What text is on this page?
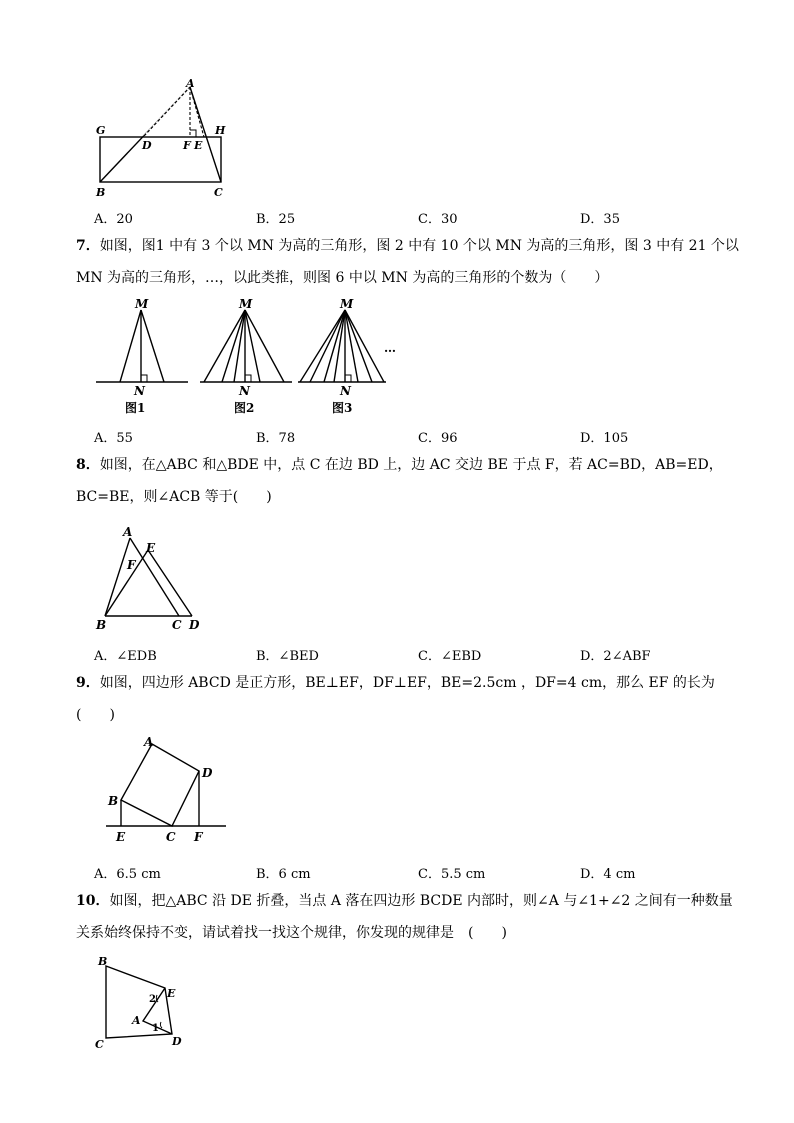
A
G	H
D	F E
B	C
A．20	B．25	C．30	D．35
7．如图，图1 中有 3 个以 MN 为高的三角形，图 2 中有 10 个以 MN 为高的三角形，图 3 中有 21 个以
MN 为高的三角形，…，以此类推，则图 6 中以 MN 为高的三角形的个数为（　　）
M
N
图1
M
N
图2
M
N
图3
…
A．55	B．78	C．96	D．105
8．如图，在△ABC 和△BDE 中，点 C 在边 BD 上，边 AC 交边 BE 于点 F，若 AC=BD，AB=ED，
BC=BE，则∠ACB 等于(　　)
A
E
F
B	C D
A．∠EDB	B．∠BED	C．∠EBD	D．2∠ABF
9．如图，四边形 ABCD 是正方形，BE⊥EF，DF⊥EF，BE=2.5cm ，DF=4 cm，那么 EF 的长为
(　　)
A
D
B
E	C F
A．6.5 cm	B．6 cm	C．5.5 cm	D．4 cm
10．如图，把△ABC 沿 DE 折叠，当点 A 落在四边形 BCDE 内部时，则∠A 与∠1+∠2 之间有一种数量
关系始终保持不变，请试着找一找这个规律，你发现的规律是　(　　)
B
E
2
A
1
C	D
